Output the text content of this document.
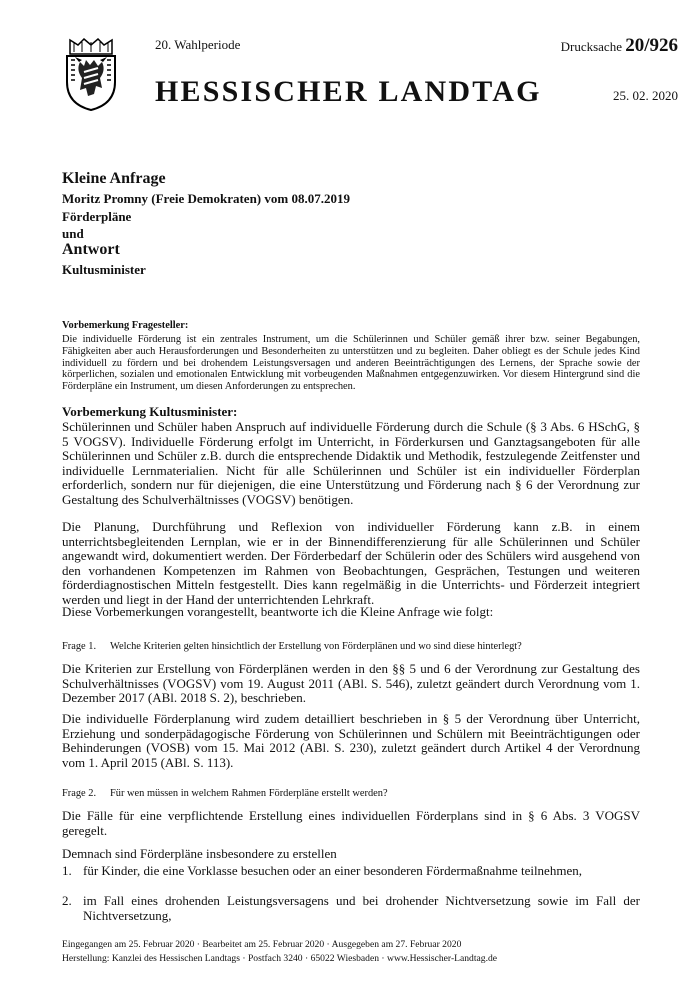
20. Wahlperiode	Drucksache 20/926
HESSISCHER LANDTAG	25. 02. 2020
Kleine Anfrage
Moritz Promny (Freie Demokraten) vom 08.07.2019
Förderpläne
und
Antwort
Kultusminister
Vorbemerkung Fragesteller:
Die individuelle Förderung ist ein zentrales Instrument, um die Schülerinnen und Schüler gemäß ihrer bzw. seiner Begabungen, Fähigkeiten aber auch Herausforderungen und Besonderheiten zu unterstützen und zu begleiten. Daher obliegt es der Schule jedes Kind individuell zu fördern und bei drohendem Leistungsversagen und anderen Beeinträchtigungen des Lernens, der Sprache sowie der körperlichen, sozialen und emotionalen Entwicklung mit vorbeugenden Maßnahmen entgegenzuwirken. Vor diesem Hintergrund sind die Förderpläne ein Instrument, um diesen Anforderungen zu entsprechen.
Vorbemerkung Kultusminister:
Schülerinnen und Schüler haben Anspruch auf individuelle Förderung durch die Schule (§ 3 Abs. 6 HSchG, § 5 VOGSV). Individuelle Förderung erfolgt im Unterricht, in Förderkursen und Ganztagsangeboten für alle Schülerinnen und Schüler z.B. durch die entsprechende Didaktik und Methodik, festzulegende Zeitfenster und individuelle Lernmaterialien. Nicht für alle Schülerinnen und Schüler ist ein individueller Förderplan erforderlich, sondern nur für diejenigen, die eine Unterstützung und Förderung nach § 6 der Verordnung zur Gestaltung des Schulverhältnisses (VOGSV) benötigen.
Die Planung, Durchführung und Reflexion von individueller Förderung kann z.B. in einem unterrichtsbegleitenden Lernplan, wie er in der Binnendifferenzierung für alle Schülerinnen und Schüler angewandt wird, dokumentiert werden. Der Förderbedarf der Schülerin oder des Schülers wird ausgehend von den vorhandenen Kompetenzen im Rahmen von Beobachtungen, Gesprächen, Testungen und weiteren förderdiagnostischen Mitteln festgestellt. Dies kann regelmäßig in die Unterrichts- und Förderzeit integriert werden und liegt in der Hand der unterrichtenden Lehrkraft.
Diese Vorbemerkungen vorangestellt, beantworte ich die Kleine Anfrage wie folgt:
Frage 1. Welche Kriterien gelten hinsichtlich der Erstellung von Förderplänen und wo sind diese hinterlegt?
Die Kriterien zur Erstellung von Förderplänen werden in den §§ 5 und 6 der Verordnung zur Gestaltung des Schulverhältnisses (VOGSV) vom 19. August 2011 (ABl. S. 546), zuletzt geändert durch Verordnung vom 1. Dezember 2017 (ABl. 2018 S. 2), beschrieben.
Die individuelle Förderplanung wird zudem detailliert beschrieben in § 5 der Verordnung über Unterricht, Erziehung und sonderpädagogische Förderung von Schülerinnen und Schülern mit Beeinträchtigungen oder Behinderungen (VOSB) vom 15. Mai 2012 (ABl. S. 230), zuletzt geändert durch Artikel 4 der Verordnung vom 1. April 2015 (ABl. S. 113).
Frage 2. Für wen müssen in welchem Rahmen Förderpläne erstellt werden?
Die Fälle für eine verpflichtende Erstellung eines individuellen Förderplans sind in § 6 Abs. 3 VOGSV geregelt.
Demnach sind Förderpläne insbesondere zu erstellen
1. für Kinder, die eine Vorklasse besuchen oder an einer besonderen Fördermaßnahme teilnehmen,
2. im Fall eines drohenden Leistungsversagens und bei drohender Nichtversetzung sowie im Fall der Nichtversetzung,
Eingegangen am 25. Februar 2020 · Bearbeitet am 25. Februar 2020 · Ausgegeben am 27. Februar 2020
Herstellung: Kanzlei des Hessischen Landtags · Postfach 3240 · 65022 Wiesbaden · www.Hessischer-Landtag.de
